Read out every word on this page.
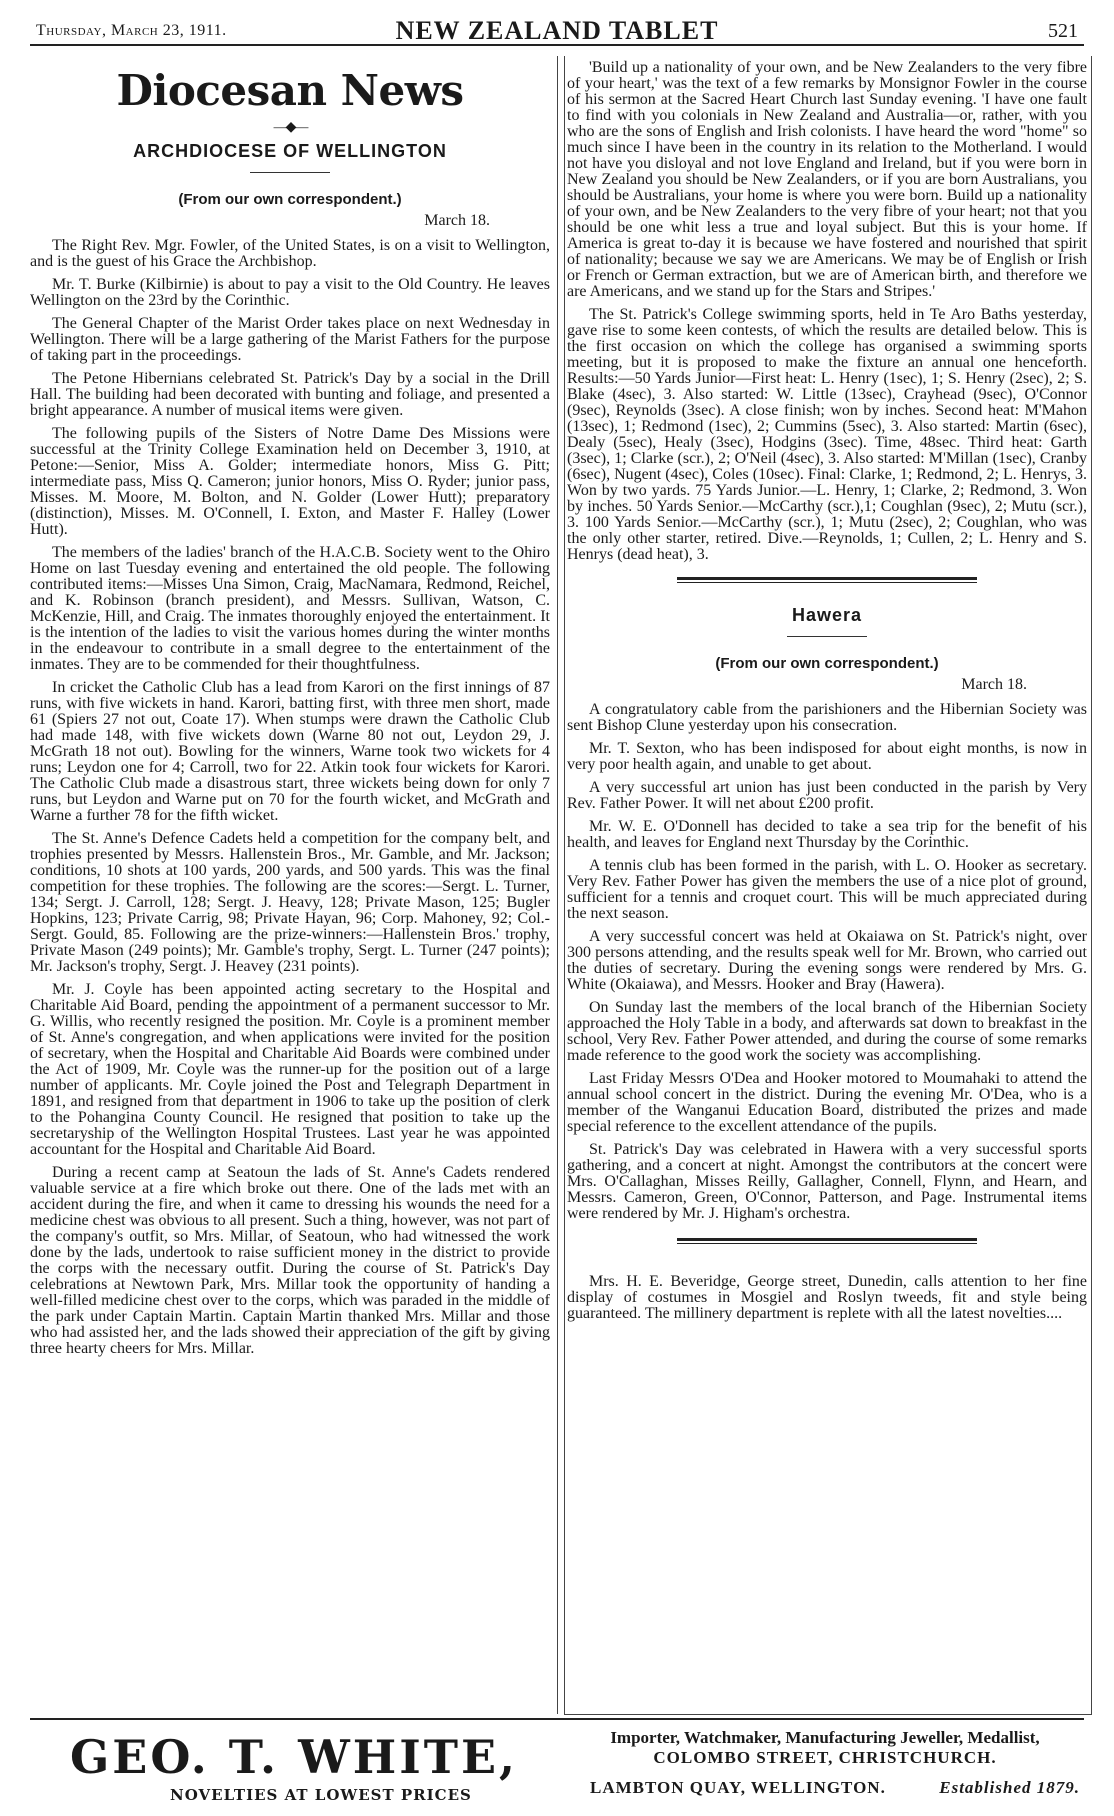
Thursday, March 23, 1911.	NEW ZEALAND TABLET	521
Diocesan News
—◆—
ARCHDIOCESE OF WELLINGTON
(From our own correspondent.)
March 18.

The Right Rev. Mgr. Fowler, of the United States, is on a visit to Wellington, and is the guest of his Grace the Archbishop.

Mr. T. Burke (Kilbirnie) is about to pay a visit to the Old Country. He leaves Wellington on the 23rd by the Corinthic.

The General Chapter of the Marist Order takes place on next Wednesday in Wellington. There will be a large gathering of the Marist Fathers for the purpose of taking part in the proceedings.

The Petone Hibernians celebrated St. Patrick's Day by a social in the Drill Hall. The building had been decorated with bunting and foliage, and presented a bright appearance. A number of musical items were given.

The following pupils of the Sisters of Notre Dame Des Missions were successful at the Trinity College Examination held on December 3, 1910, at Petone:—Senior, Miss A. Golder; intermediate honors, Miss G. Pitt; intermediate pass, Miss Q. Cameron; junior honors, Miss O. Ryder; junior pass, Misses. M. Moore, M. Bolton, and N. Golder (Lower Hutt); preparatory (distinction), Misses. M. O'Connell, I. Exton, and Master F. Halley (Lower Hutt).

The members of the ladies' branch of the H.A.C.B. Society went to the Ohiro Home on last Tuesday evening and entertained the old people. The following contributed items:—Misses Una Simon, Craig, MacNamara, Redmond, Reichel, and K. Robinson (branch president), and Messrs. Sullivan, Watson, C. McKenzie, Hill, and Craig. The inmates thoroughly enjoyed the entertainment. It is the intention of the ladies to visit the various homes during the winter months in the endeavour to contribute in a small degree to the entertainment of the inmates. They are to be commended for their thoughtfulness.

In cricket the Catholic Club has a lead from Karori on the first innings of 87 runs, with five wickets in hand. Karori, batting first, with three men short, made 61 (Spiers 27 not out, Coate 17). When stumps were drawn the Catholic Club had made 148, with five wickets down (Warne 80 not out, Leydon 29, J. McGrath 18 not out). Bowling for the winners, Warne took two wickets for 4 runs; Leydon one for 4; Carroll, two for 22. Atkin took four wickets for Karori. The Catholic Club made a disastrous start, three wickets being down for only 7 runs, but Leydon and Warne put on 70 for the fourth wicket, and McGrath and Warne a further 78 for the fifth wicket.

The St. Anne's Defence Cadets held a competition for the company belt, and trophies presented by Messrs. Hallenstein Bros., Mr. Gamble, and Mr. Jackson; conditions, 10 shots at 100 yards, 200 yards, and 500 yards. This was the final competition for these trophies. The following are the scores:—Sergt. L. Turner, 134; Sergt. J. Carroll, 128; Sergt. J. Heavy, 128; Private Mason, 125; Bugler Hopkins, 123; Private Carrig, 98; Private Hayan, 96; Corp. Mahoney, 92; Col.-Sergt. Gould, 85. Following are the prize-winners:—Hallenstein Bros.' trophy, Private Mason (249 points); Mr. Gamble's trophy, Sergt. L. Turner (247 points); Mr. Jackson's trophy, Sergt. J. Heavey (231 points).

Mr. J. Coyle has been appointed acting secretary to the Hospital and Charitable Aid Board, pending the appointment of a permanent successor to Mr. G. Willis, who recently resigned the position. Mr. Coyle is a prominent member of St. Anne's congregation, and when applications were invited for the position of secretary, when the Hospital and Charitable Aid Boards were combined under the Act of 1909, Mr. Coyle was the runner-up for the position out of a large number of applicants. Mr. Coyle joined the Post and Telegraph Department in 1891, and resigned from that department in 1906 to take up the position of clerk to the Pohangina County Council. He resigned that position to take up the secretaryship of the Wellington Hospital Trustees. Last year he was appointed accountant for the Hospital and Charitable Aid Board.

During a recent camp at Seatoun the lads of St. Anne's Cadets rendered valuable service at a fire which broke out there. One of the lads met with an accident during the fire, and when it came to dressing his wounds the need for a medicine chest was obvious to all present. Such a thing, however, was not part of the company's outfit, so Mrs. Millar, of Seatoun, who had witnessed the work done by the lads, undertook to raise sufficient money in the district to provide the corps with the necessary outfit. During the course of St. Patrick's Day celebrations at Newtown Park, Mrs. Millar took the opportunity of handing a well-filled medicine chest over to the corps, which was paraded in the middle of the park under Captain Martin. Captain Martin thanked Mrs. Millar and those who had assisted her, and the lads showed their appreciation of the gift by giving three hearty cheers for Mrs. Millar.

'Build up a nationality of your own, and be New Zealanders to the very fibre of your heart,' was the text of a few remarks by Monsignor Fowler in the course of his sermon at the Sacred Heart Church last Sunday evening. 'I have one fault to find with you colonials in New Zealand and Australia—or, rather, with you who are the sons of English and Irish colonists. I have heard the word "home" so much since I have been in the country in its relation to the Motherland. I would not have you disloyal and not love England and Ireland, but if you were born in New Zealand you should be New Zealanders, or if you are born Australians, you should be Australians, your home is where you were born. Build up a nationality of your own, and be New Zealanders to the very fibre of your heart; not that you should be one whit less a true and loyal subject. But this is your home. If America is great to-day it is because we have fostered and nourished that spirit of nationality; because we say we are Americans. We may be of English or Irish or French or German extraction, but we are of American birth, and therefore we are Americans, and we stand up for the Stars and Stripes.'

The St. Patrick's College swimming sports, held in Te Aro Baths yesterday, gave rise to some keen contests, of which the results are detailed below. This is the first occasion on which the college has organised a swimming sports meeting, but it is proposed to make the fixture an annual one henceforth. Results:—50 Yards Junior—First heat: L. Henry (1sec), 1; S. Henry (2sec), 2; S. Blake (4sec), 3. Also started: W. Little (13sec), Crayhead (9sec), O'Connor (9sec), Reynolds (3sec). A close finish; won by inches. Second heat: M'Mahon (13sec), 1; Redmond (1sec), 2; Cummins (5sec), 3. Also started: Martin (6sec), Dealy (5sec), Healy (3sec), Hodgins (3sec). Time, 48sec. Third heat: Garth (3sec), 1; Clarke (scr.), 2; O'Neil (4sec), 3. Also started: M'Millan (1sec), Cranby (6sec), Nugent (4sec), Coles (10sec). Final: Clarke, 1; Redmond, 2; L. Henrys, 3. Won by two yards. 75 Yards Junior.—L. Henry, 1; Clarke, 2; Redmond, 3. Won by inches. 50 Yards Senior.—McCarthy (scr.),1; Coughlan (9sec), 2; Mutu (scr.), 3. 100 Yards Senior.—McCarthy (scr.), 1; Mutu (2sec), 2; Coughlan, who was the only other starter, retired. Dive.—Reynolds, 1; Cullen, 2; L. Henry and S. Henrys (dead heat), 3.

Hawera
(From our own correspondent.)
March 18.

A congratulatory cable from the parishioners and the Hibernian Society was sent Bishop Clune yesterday upon his consecration.

Mr. T. Sexton, who has been indisposed for about eight months, is now in very poor health again, and unable to get about.

A very successful art union has just been conducted in the parish by Very Rev. Father Power. It will net about £200 profit.

Mr. W. E. O'Donnell has decided to take a sea trip for the benefit of his health, and leaves for England next Thursday by the Corinthic.

A tennis club has been formed in the parish, with L. O. Hooker as secretary. Very Rev. Father Power has given the members the use of a nice plot of ground, sufficient for a tennis and croquet court. This will be much appreciated during the next season.

A very successful concert was held at Okaiawa on St. Patrick's night, over 300 persons attending, and the results speak well for Mr. Brown, who carried out the duties of secretary. During the evening songs were rendered by Mrs. G. White (Okaiawa), and Messrs. Hooker and Bray (Hawera).

On Sunday last the members of the local branch of the Hibernian Society approached the Holy Table in a body, and afterwards sat down to breakfast in the school, Very Rev. Father Power attended, and during the course of some remarks made reference to the good work the society was accomplishing.

Last Friday Messrs O'Dea and Hooker motored to Moumahaki to attend the annual school concert in the district. During the evening Mr. O'Dea, who is a member of the Wanganui Education Board, distributed the prizes and made special reference to the excellent attendance of the pupils.

St. Patrick's Day was celebrated in Hawera with a very successful sports gathering, and a concert at night. Amongst the contributors at the concert were Mrs. O'Callaghan, Misses Reilly, Gallagher, Connell, Flynn, and Hearn, and Messrs. Cameron, Green, O'Connor, Patterson, and Page. Instrumental items were rendered by Mr. J. Higham's orchestra.

Mrs. H. E. Beveridge, George street, Dunedin, calls attention to her fine display of costumes in Mosgiel and Roslyn tweeds, fit and style being guaranteed. The millinery department is replete with all the latest novelties....

GEO. T. WHITE,
NOVELTIES AT LOWEST PRICES
Importer, Watchmaker, Manufacturing Jeweller, Medallist,
COLOMBO STREET, CHRISTCHURCH.
LAMBTON QUAY, WELLINGTON.	Established 1879.
